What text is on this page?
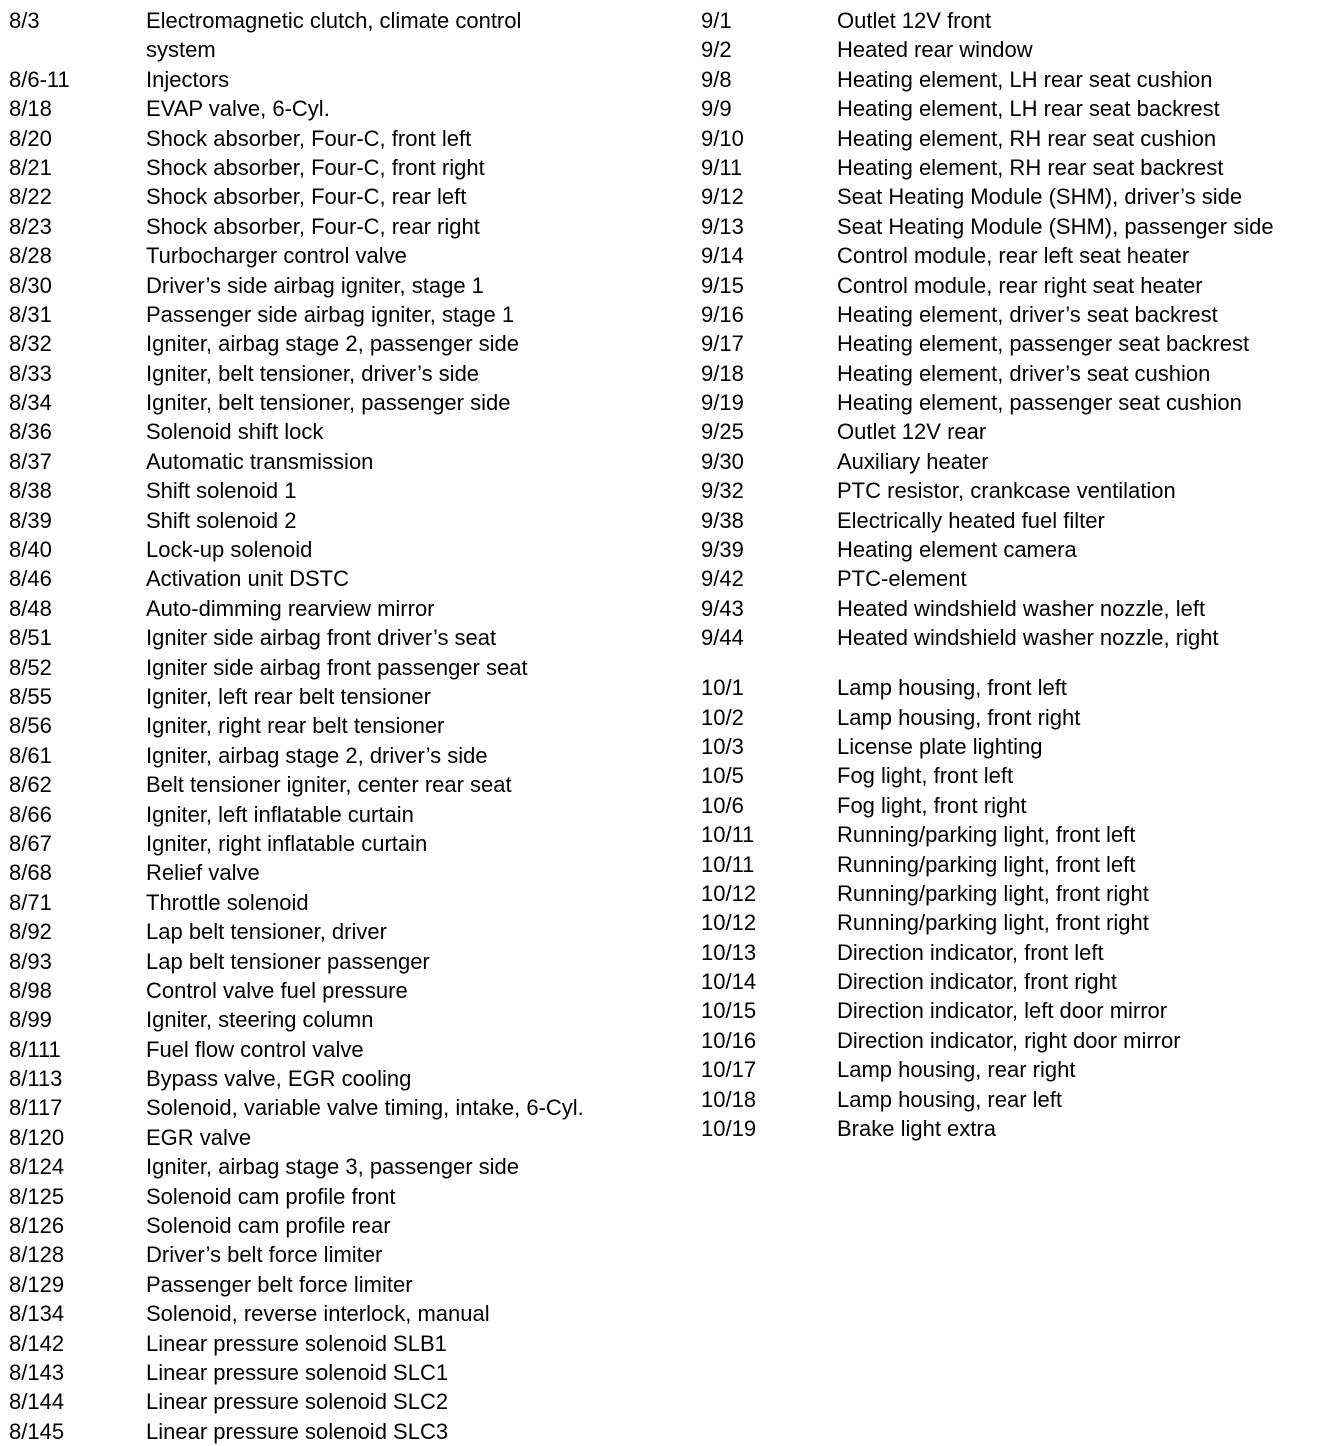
8/3	Electromagnetic clutch, climate control system
8/6-11	Injectors
8/18	EVAP valve, 6-Cyl.
8/20	Shock absorber, Four-C, front left
8/21	Shock absorber, Four-C, front right
8/22	Shock absorber, Four-C, rear left
8/23	Shock absorber, Four-C, rear right
8/28	Turbocharger control valve
8/30	Driver’s side airbag igniter, stage 1
8/31	Passenger side airbag igniter, stage 1
8/32	Igniter, airbag stage 2, passenger side
8/33	Igniter, belt tensioner, driver’s side
8/34	Igniter, belt tensioner, passenger side
8/36	Solenoid shift lock
8/37	Automatic transmission
8/38	Shift solenoid 1
8/39	Shift solenoid 2
8/40	Lock-up solenoid
8/46	Activation unit DSTC
8/48	Auto-dimming rearview mirror
8/51	Igniter side airbag front driver’s seat
8/52	Igniter side airbag front passenger seat
8/55	Igniter, left rear belt tensioner
8/56	Igniter, right rear belt tensioner
8/61	Igniter, airbag stage 2, driver’s side
8/62	Belt tensioner igniter, center rear seat
8/66	Igniter, left inflatable curtain
8/67	Igniter, right inflatable curtain
8/68	Relief valve
8/71	Throttle solenoid
8/92	Lap belt tensioner, driver
8/93	Lap belt tensioner passenger
8/98	Control valve fuel pressure
8/99	Igniter, steering column
8/111	Fuel flow control valve
8/113	Bypass valve, EGR cooling
8/117	Solenoid, variable valve timing, intake, 6-Cyl.
8/120	EGR valve
8/124	Igniter, airbag stage 3, passenger side
8/125	Solenoid cam profile front
8/126	Solenoid cam profile rear
8/128	Driver’s belt force limiter
8/129	Passenger belt force limiter
8/134	Solenoid, reverse interlock, manual
8/142	Linear pressure solenoid SLB1
8/143	Linear pressure solenoid SLC1
8/144	Linear pressure solenoid SLC2
8/145	Linear pressure solenoid SLC3
9/1	Outlet 12V front
9/2	Heated rear window
9/8	Heating element, LH rear seat cushion
9/9	Heating element, LH rear seat backrest
9/10	Heating element, RH rear seat cushion
9/11	Heating element, RH rear seat backrest
9/12	Seat Heating Module (SHM), driver’s side
9/13	Seat Heating Module (SHM), passenger side
9/14	Control module, rear left seat heater
9/15	Control module, rear right seat heater
9/16	Heating element, driver’s seat backrest
9/17	Heating element, passenger seat backrest
9/18	Heating element, driver’s seat cushion
9/19	Heating element, passenger seat cushion
9/25	Outlet 12V rear
9/30	Auxiliary heater
9/32	PTC resistor, crankcase ventilation
9/38	Electrically heated fuel filter
9/39	Heating element camera
9/42	PTC-element
9/43	Heated windshield washer nozzle, left
9/44	Heated windshield washer nozzle, right
10/1	Lamp housing, front left
10/2	Lamp housing, front right
10/3	License plate lighting
10/5	Fog light, front left
10/6	Fog light, front right
10/11	Running/parking light, front left
10/11	Running/parking light, front left
10/12	Running/parking light, front right
10/12	Running/parking light, front right
10/13	Direction indicator, front left
10/14	Direction indicator, front right
10/15	Direction indicator, left door mirror
10/16	Direction indicator, right door mirror
10/17	Lamp housing, rear right
10/18	Lamp housing, rear left
10/19	Brake light extra
